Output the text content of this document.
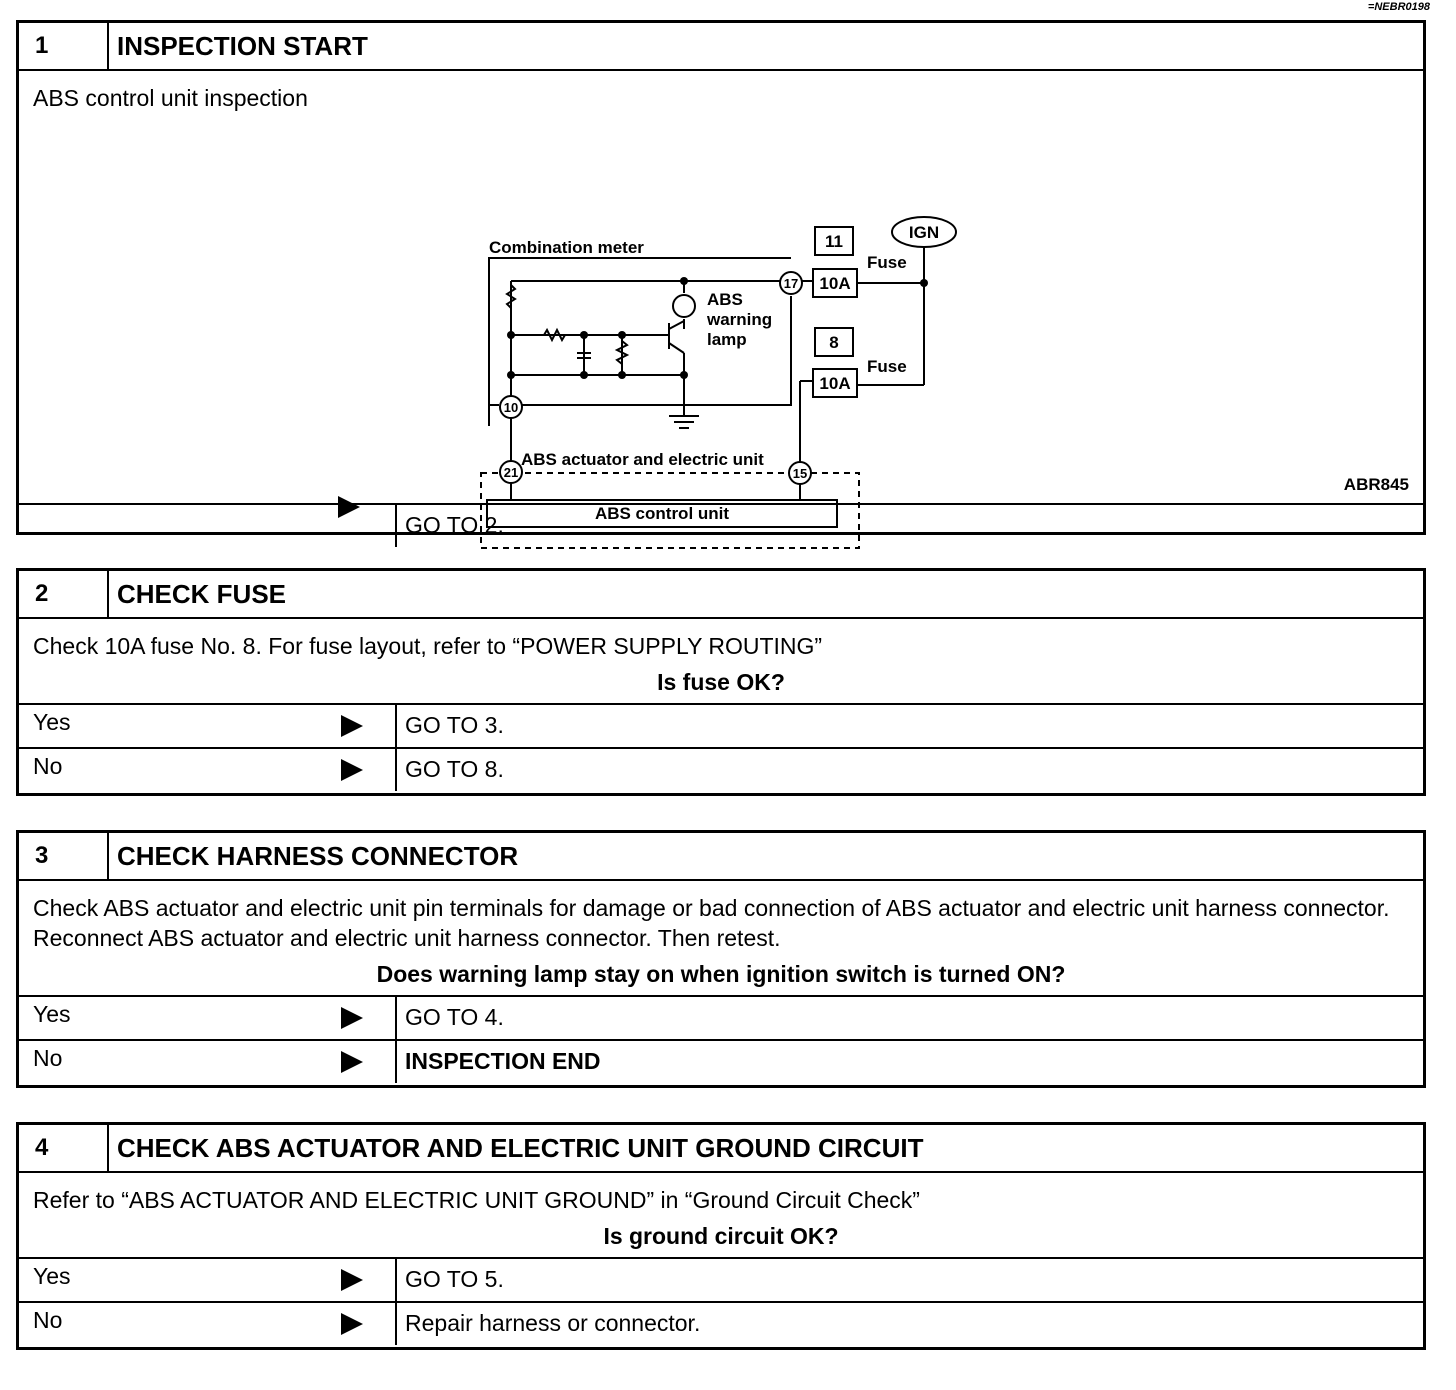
=NEBR0198
1	INSPECTION START
ABS control unit inspection
Combination meter
ABS
warning
lamp
IGN
Fuse
Fuse
11
8
10A
10A
17
10
21	15
ABS actuator and electric unit
ABS control unit
ABR845
GO TO 2.
2	CHECK FUSE
Check 10A fuse No. 8. For fuse layout, refer to “POWER SUPPLY ROUTING”
Is fuse OK?
Yes	GO TO 3.
No	GO TO 8.
3	CHECK HARNESS CONNECTOR
Check ABS actuator and electric unit pin terminals for damage or bad connection of ABS actuator and electric unit harness connector. Reconnect ABS actuator and electric unit harness connector. Then retest.
Does warning lamp stay on when ignition switch is turned ON?
Yes	GO TO 4.
No	INSPECTION END
4	CHECK ABS ACTUATOR AND ELECTRIC UNIT GROUND CIRCUIT
Refer to “ABS ACTUATOR AND ELECTRIC UNIT GROUND” in “Ground Circuit Check”
Is ground circuit OK?
Yes	GO TO 5.
No	Repair harness or connector.
